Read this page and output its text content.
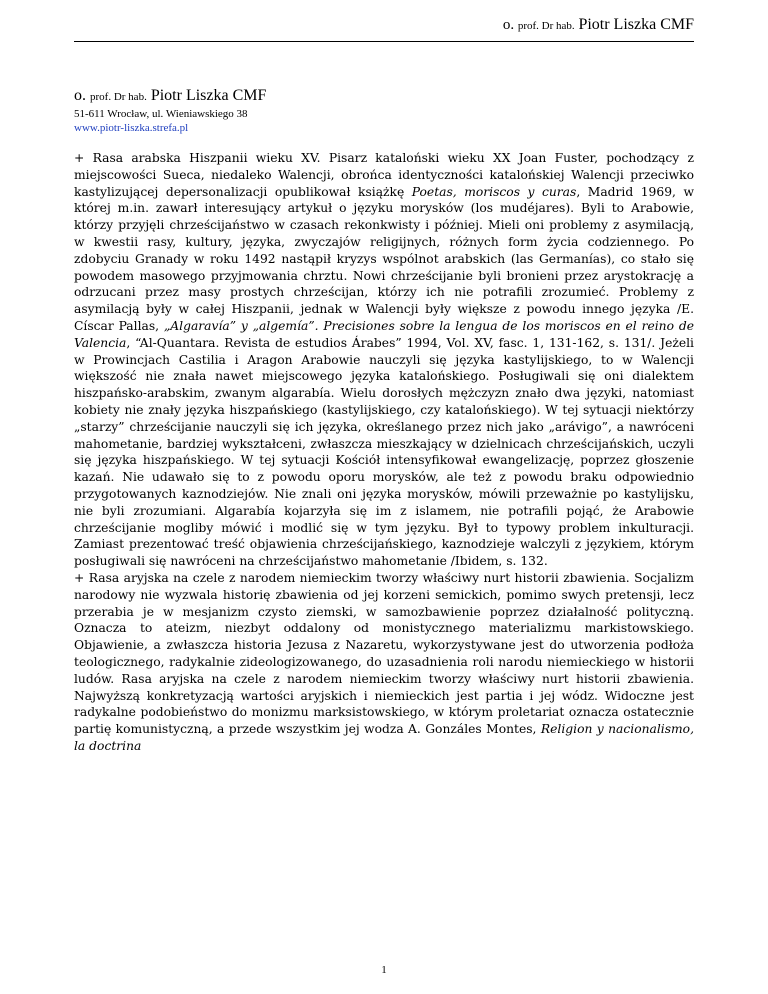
o. prof. Dr hab. Piotr Liszka CMF
o. prof. Dr hab. Piotr Liszka CMF
51-611 Wrocław, ul. Wieniawskiego 38
www.piotr-liszka.strefa.pl

+ Rasa arabska Hiszpanii wieku XV. Pisarz kataloński wieku XX Joan Fuster, pochodzący z miejscowości Sueca, niedaleko Walencji, obrońca identyczności katalońskiej Walencji przeciwko kastylizującej depersonalizacji opublikował książkę Poetas, moriscos y curas, Madrid 1969, w której m.in. zawarł interesujący artykuł o języku morysków (los mudéjares). Byli to Arabowie, którzy przyjęli chrześcijaństwo w czasach rekonkwisty i później. Mieli oni problemy z asymilacją, w kwestii rasy, kultury, języka, zwyczajów religijnych, różnych form życia codziennego. Po zdobyciu Granady w roku 1492 nastąpił kryzys wspólnot arabskich (las Germanías), co stało się powodem masowego przyjmowania chrztu. Nowi chrześcijanie byli bronieni przez arystokrację a odrzucani przez masy prostych chrześcijan, którzy ich nie potrafili zrozumieć. Problemy z asymilacją były w całej Hiszpanii, jednak w Walencji były większe z powodu innego języka /E. Císcar Pallas, „Algaravía” y „algemía”. Precisiones sobre la lengua de los moriscos en el reino de Valencia, “Al-Quantara. Revista de estudios Árabes” 1994, Vol. XV, fasc. 1, 131-162, s. 131/. Jeżeli w Prowincjach Castilia i Aragon Arabowie nauczyli się języka kastylijskiego, to w Walencji większość nie znała nawet miejscowego języka katalońskiego. Posługiwali się oni dialektem hiszpańsko-arabskim, zwanym algarabía. Wielu dorosłych mężczyzn znało dwa języki, natomiast kobiety nie znały języka hiszpańskiego (kastylijskiego, czy katalońskiego). W tej sytuacji niektórzy „starzy” chrześcijanie nauczyli się ich języka, określanego przez nich jako „arávigo”, a nawróceni mahometanie, bardziej wykształceni, zwłaszcza mieszkający w dzielnicach chrześcijańskich, uczyli się języka hiszpańskiego. W tej sytuacji Kościół intensyfikował ewangelizację, poprzez głoszenie kazań. Nie udawało się to z powodu oporu morysków, ale też z powodu braku odpowiednio przygotowanych kaznodziejów. Nie znali oni języka morysków, mówili przeważnie po kastylijsku, nie byli zrozumiani. Algarabía kojarzyła się im z islamem, nie potrafili pojąć, że Arabowie chrześcijanie mogliby mówić i modlić się w tym języku. Był to typowy problem inkulturacji. Zamiast prezentować treść objawienia chrześcijańskiego, kaznodzieje walczyli z językiem, którym posługiwali się nawróceni na chrześcijaństwo mahometanie /Ibidem, s. 132.

+ Rasa aryjska na czele z narodem niemieckim tworzy właściwy nurt historii zbawienia. Socjalizm narodowy nie wyzwala historię zbawienia od jej korzeni semickich, pomimo swych pretensji, lecz przerabia je w mesjanizm czysto ziemski, w samozbawienie poprzez działalność polityczną. Oznacza to ateizm, niezbyt oddalony od monistycznego materializmu markistowskiego. Objawienie, a zwłaszcza historia Jezusa z Nazaretu, wykorzystywane jest do utworzenia podłoża teologicznego, radykalnie zideologizowanego, do uzasadnienia roli narodu niemieckiego w historii ludów. Rasa aryjska na czele z narodem niemieckim tworzy właściwy nurt historii zbawienia. Najwyższą konkretyzacją wartości aryjskich i niemieckich jest partia i jej wódz. Widoczne jest radykalne podobieństwo do monizmu marksistowskiego, w którym proletariat oznacza ostatecznie partię komunistyczną, a przede wszystkim jej wodza A. Gonzáles Montes, Religion y nacionalismo, la doctrina

1
